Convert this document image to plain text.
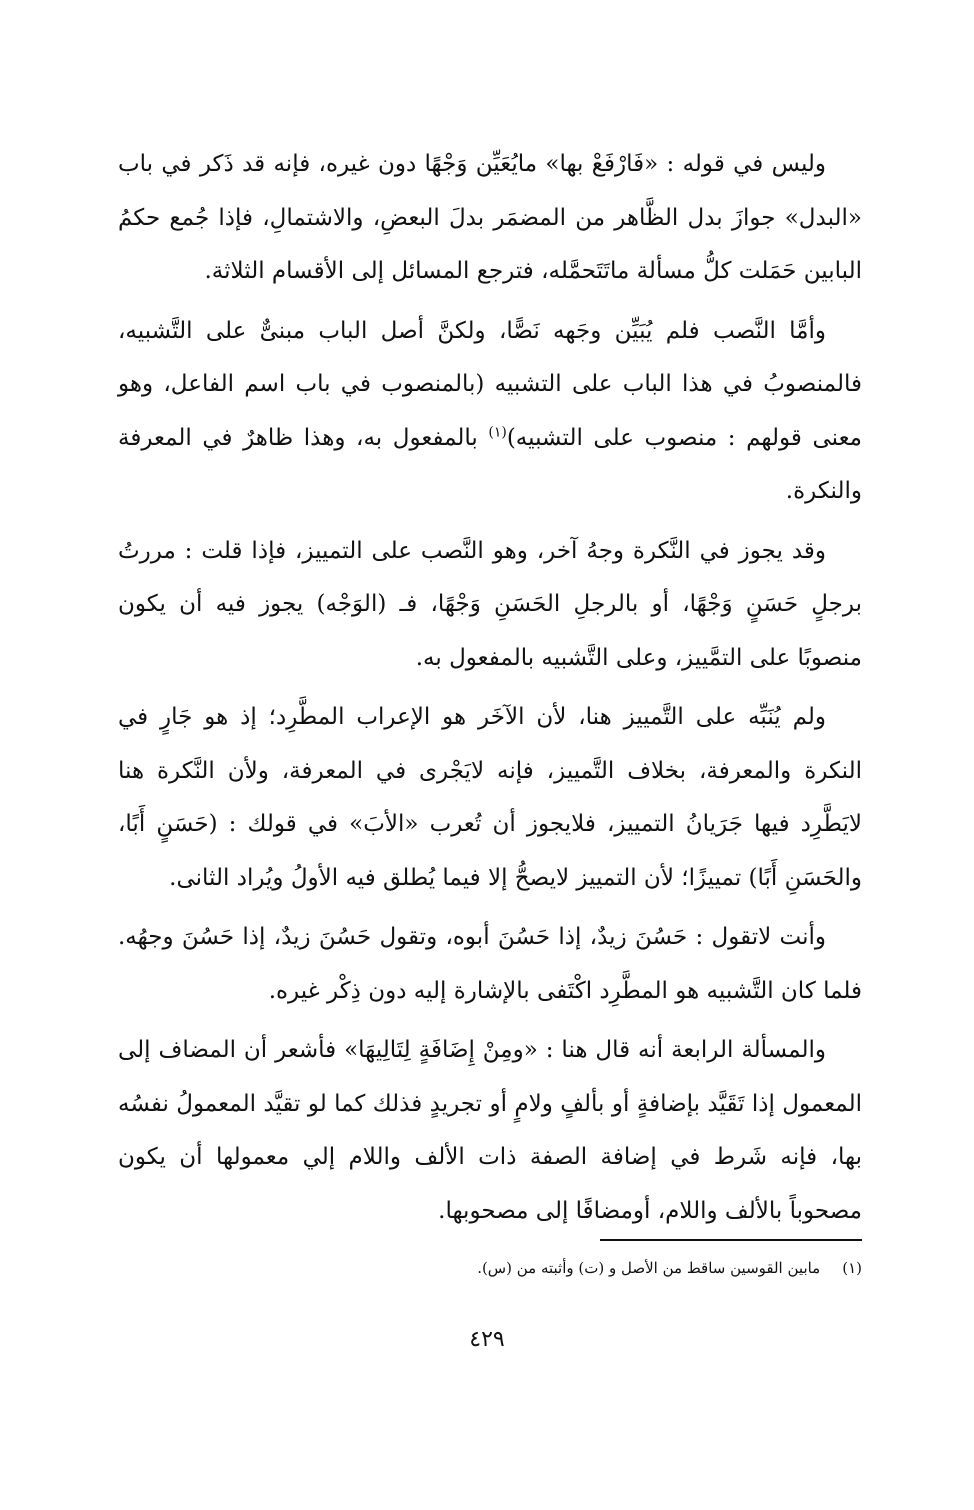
وليس في قوله : «فَارْفَعْ بها» مايُعَيِّن وَجْهًا دون غيره، فإنه قد ذَكر في باب «البدل» جوازَ بدل الظَّاهر من المضمَر بدلَ البعضِ، والاشتمالِ، فإذا جُمع حكمُ البابين حَمَلت كلُّ مسألة ماتَتَحمَّله، فترجع المسائل إلى الأقسام الثلاثة.

وأمَّا النَّصب فلم يُبَيِّن وجَهه نَصًّا، ولكنَّ أصل الباب مبنىٌّ على التَّشبيه، فالمنصوبُ في هذا الباب على التشبيه (بالمنصوب في باب اسم الفاعل، وهو معنى قولهم : منصوب على التشبيه)$^{(١)}$ بالمفعول به، وهذا ظاهرٌ في المعرفة والنكرة.

وقد يجوز في النَّكرة وجهُ آخر، وهو النَّصب على التمييز، فإذا قلت : مررتُ برجلٍ حَسَنٍ وَجْهًا، أو بالرجلِ الحَسَنِ وَجْهًا، فـ (الوَجْه) يجوز فيه أن يكون منصوبًا على التمَّييز، وعلى التَّشبيه بالمفعول به.

ولم يُنَبِّه على التَّمييز هنا، لأن الآخَر هو الإعراب المطَّرِد؛ إذ هو جَارٍ في النكرة والمعرفة، بخلاف التَّمييز، فإنه لايَجْرى في المعرفة، ولأن النَّكرة هنا لايَطَّرِد فيها جَرَيانُ التمييز، فلايجوز أن تُعرب «الأبَ» في قولك : (حَسَنٍ أَبًا، والحَسَنِ أَبًا) تمييزًا؛ لأن التمييز لايصحُّ إلا فيما يُطلق فيه الأولُ ويُراد الثانى.

وأنت لاتقول : حَسُنَ زيدٌ، إذا حَسُنَ أبوه، وتقول حَسُنَ زيدٌ، إذا حَسُنَ وجهُه. فلما كان التَّشبيه هو المطَّرِد اكْتَفى بالإشارة إليه دون ذِكْر غيره.

والمسألة الرابعة أنه قال هنا : «ومِنْ إِضَافَةٍ لِتَالِيهَا» فأشعر أن المضاف إلى المعمول إذا تَقَيَّد بإضافةٍ أو بألفٍ ولامٍ أو تجريدٍ فذلك كما لو تقيَّد المعمولُ نفسُه بها، فإنه شَرط في إضافة الصفة ذات الألف واللام إلي معمولها أن يكون مصحوباً بالألف واللام، أومضافًا إلى مصحوبها.

(١)مابين القوسين ساقط من الأصل و (ت) وأثبته من (س).
٤٢٩
